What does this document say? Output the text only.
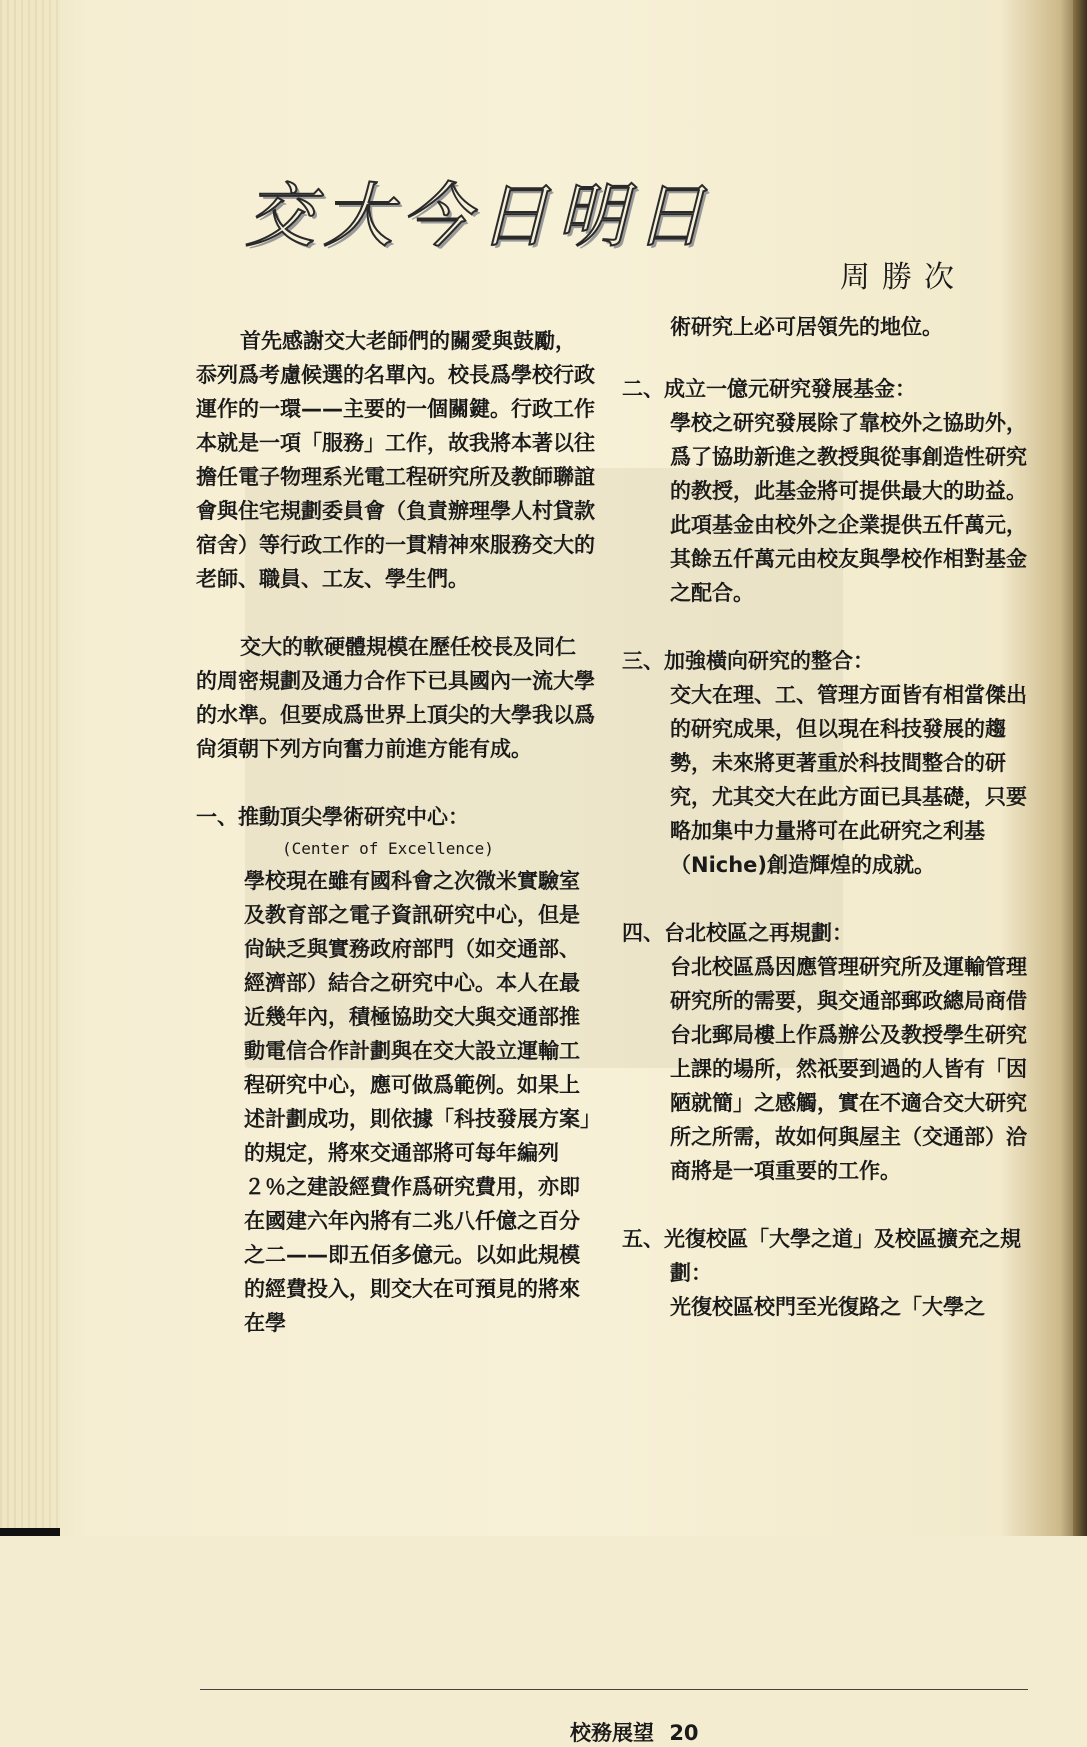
交大今日明日
周勝次

首先感謝交大老師們的關愛與鼓勵，忝列爲考慮候選的名單內。校長爲學校行政運作的一環——主要的一個關鍵。行政工作本就是一項「服務」工作，故我將本著以往擔任電子物理系光電工程研究所及教師聯誼會與住宅規劃委員會（負責辦理學人村貸款宿舍）等行政工作的一貫精神來服務交大的老師、職員、工友、學生們。

交大的軟硬體規模在歷任校長及同仁的周密規劃及通力合作下已具國內一流大學的水準。但要成爲世界上頂尖的大學我以爲尙須朝下列方向奮力前進方能有成。

一、推動頂尖學術研究中心：

(Center of Excellence)

學校現在雖有國科會之次微米實驗室及教育部之電子資訊研究中心，但是尙缺乏與實務政府部門（如交通部、經濟部）結合之研究中心。本人在最近幾年內，積極協助交大與交通部推動電信合作計劃與在交大設立運輸工程研究中心，應可做爲範例。如果上述計劃成功，則依據「科技發展方案」的規定，將來交通部將可每年編列２％之建設經費作爲研究費用，亦即在國建六年內將有二兆八仟億之百分之二——即五佰多億元。以如此規模的經費投入，則交大在可預見的將來在學

術研究上必可居領先的地位。

二、成立一億元研究發展基金：

學校之研究發展除了靠校外之協助外，爲了協助新進之教授與從事創造性研究的教授，此基金將可提供最大的助益。此項基金由校外之企業提供五仟萬元，其餘五仟萬元由校友與學校作相對基金之配合。

三、加強橫向研究的整合：

交大在理、工、管理方面皆有相當傑出的研究成果，但以現在科技發展的趨勢，未來將更著重於科技間整合的研究，尤其交大在此方面已具基礎，只要略加集中力量將可在此研究之利基（Niche)創造輝煌的成就。

四、台北校區之再規劃：

台北校區爲因應管理研究所及運輸管理研究所的需要，與交通部郵政總局商借台北郵局樓上作爲辦公及教授學生研究上課的場所，然祇要到過的人皆有「因陋就簡」之感觸，實在不適合交大研究所之所需，故如何與屋主（交通部）洽商將是一項重要的工作。

五、光復校區「大學之道」及校區擴充之規劃：

光復校區校門至光復路之「大學之

校務展望 20
